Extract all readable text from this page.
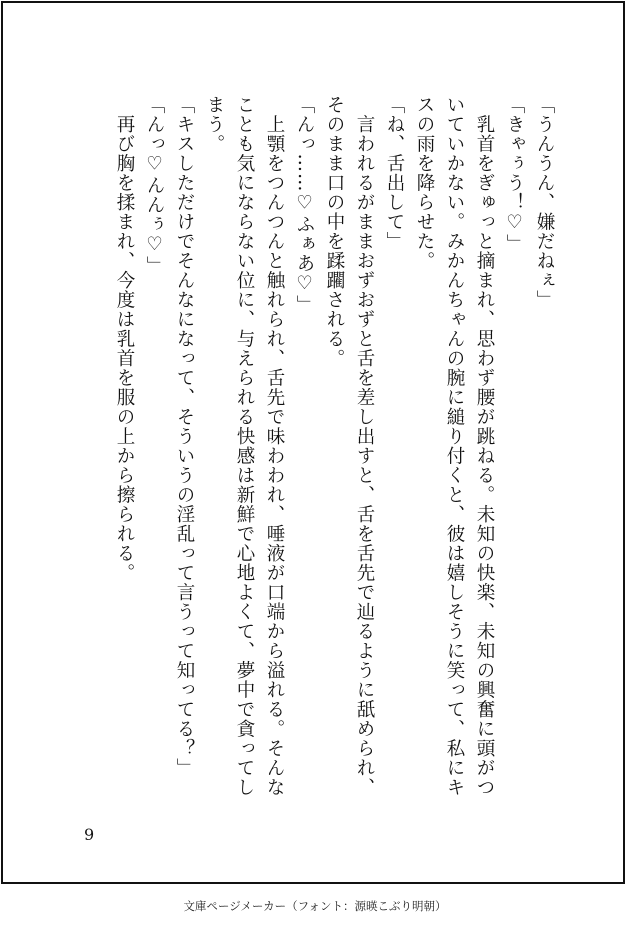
「うんうん、嫌だねぇ」
「きゃぅう！♡」
　乳首をぎゅっと摘まれ、思わず腰が跳ねる。未知の快楽、未知の興奮に頭がつ
いていかない。みかんちゃんの腕に縋り付くと、彼は嬉しそうに笑って、私にキ
スの雨を降らせた。
「ね、舌出して」
　言われるがままおずおずと舌を差し出すと、舌を舌先で辿るように舐められ、
そのまま口の中を蹂躙される。
「んっ……♡ふぁあ♡」
　上顎をつんつんと触れられ、舌先で味わわれ、唾液が口端から溢れる。そんな
ことも気にならない位に、与えられる快感は新鮮で心地よくて、夢中で貪ってし
まう。
「キスしただけでそんなになって、そういうの淫乱って言うって知ってる？」
「んっ♡んんぅ♡」
　再び胸を揉まれ、今度は乳首を服の上から擦られる。
9
文庫ページメーカー（フォント：源暎こぶり明朝）
